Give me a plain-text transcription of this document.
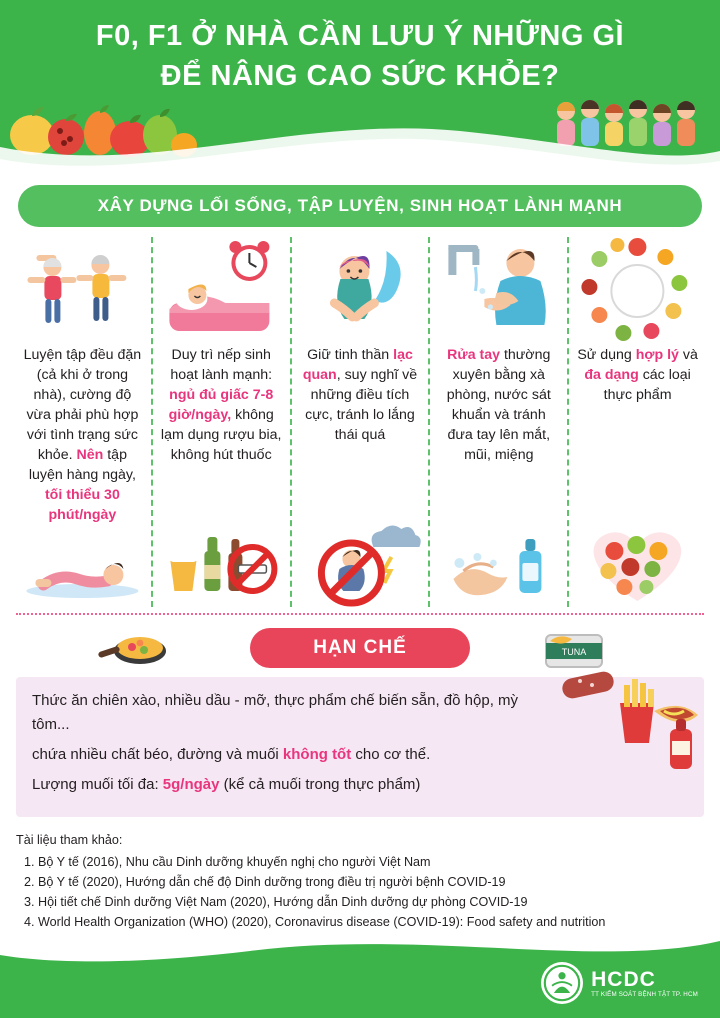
F0, F1 Ở NHÀ CẦN LƯU Ý NHỮNG GÌ
ĐỂ NÂNG CAO SỨC KHỎE?
XÂY DỰNG LỐI SỐNG, TẬP LUYỆN, SINH HOẠT LÀNH MẠNH
Luyện tập đều đặn (cả khi ở trong nhà), cường độ vừa phải phù hợp với tình trạng sức khỏe. Nên tập luyện hàng ngày, tối thiểu 30 phút/ngày
Duy trì nếp sinh hoạt lành mạnh: ngủ đủ giấc 7-8 giờ/ngày, không lạm dụng rượu bia, không hút thuốc
Giữ tinh thần lạc quan, suy nghĩ về những điều tích cực, tránh lo lắng thái quá
Rửa tay thường xuyên bằng xà phòng, nước sát khuẩn và tránh đưa tay lên mắt, mũi, miệng
Sử dụng hợp lý và đa dạng các loại thực phẩm
HẠN CHẾ	TUNA

Thức ăn chiên xào, nhiều dầu - mỡ, thực phẩm chế biến sẵn, đồ hộp, mỳ tôm...

chứa nhiều chất béo, đường và muối không tốt cho cơ thể.

Lượng muối tối đa: 5g/ngày (kể cả muối trong thực phẩm)

Tài liệu tham khảo:
1. Bộ Y tế (2016), Nhu cầu Dinh dưỡng khuyến nghị cho người Việt Nam
2. Bộ Y tế (2020), Hướng dẫn chế độ Dinh dưỡng trong điều trị người bệnh COVID-19
3. Hội tiết chế Dinh dưỡng Việt Nam (2020), Hướng dẫn Dinh dưỡng dự phòng COVID-19
4. World Health Organization (WHO) (2020), Coronavirus disease (COVID-19): Food safety and nutrition
HCDC
TT KIỂM SOÁT BỆNH TẬT TP. HCM
